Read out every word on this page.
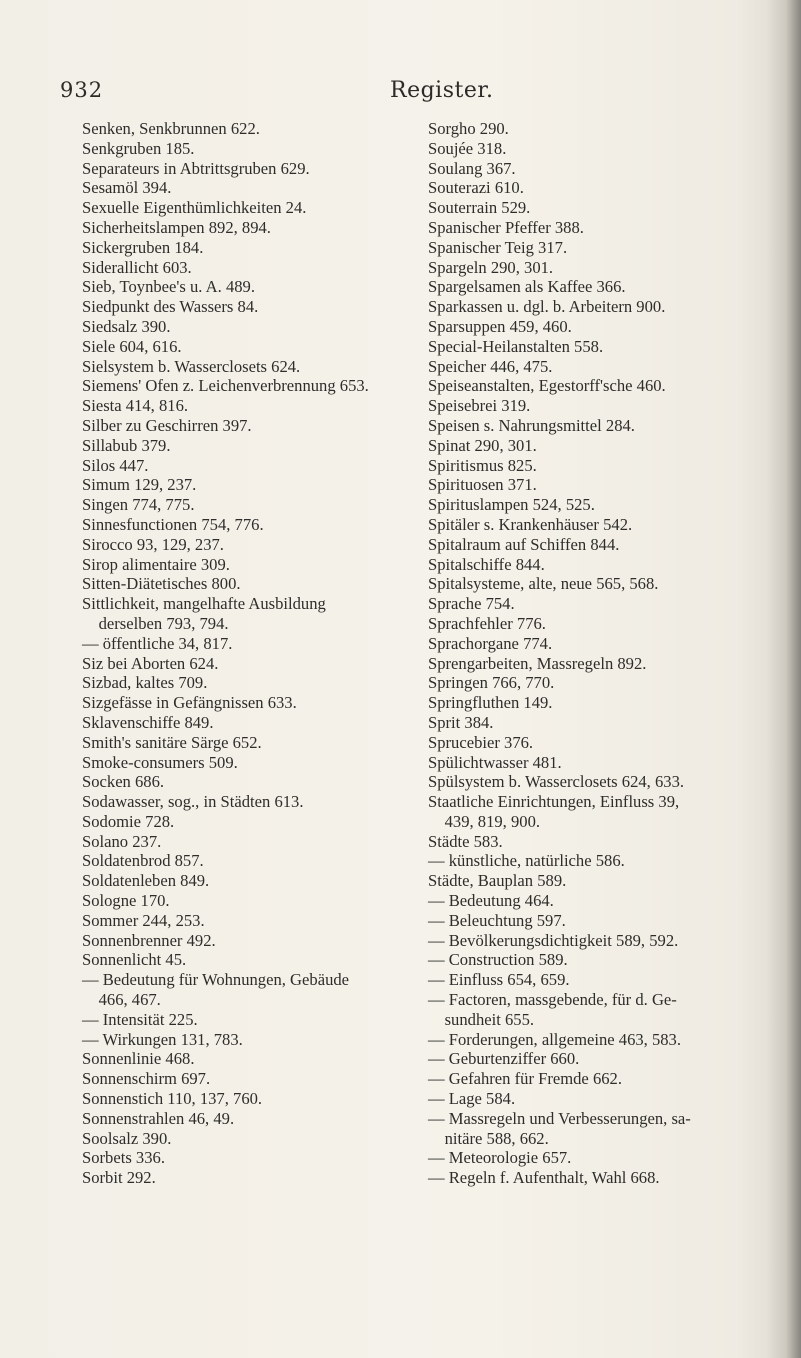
932	Register.
Senken, Senkbrunnen 622.
Senkgruben 185.
Separateurs in Abtrittsgruben 629.
Sesamöl 394.
Sexuelle Eigenthümlichkeiten 24.
Sicherheitslampen 892, 894.
Sickergruben 184.
Siderallicht 603.
Sieb, Toynbee's u. A. 489.
Siedpunkt des Wassers 84.
Siedsalz 390.
Siele 604, 616.
Sielsystem b. Wasserclosets 624.
Siemens' Ofen z. Leichenverbrennung 653.
Siesta 414, 816.
Silber zu Geschirren 397.
Sillabub 379.
Silos 447.
Simum 129, 237.
Singen 774, 775.
Sinnesfunctionen 754, 776.
Sirocco 93, 129, 237.
Sirop alimentaire 309.
Sitten-Diätetisches 800.
Sittlichkeit, mangelhafte Ausbildung
derselben 793, 794.
— öffentliche 34, 817.
Siz bei Aborten 624.
Sizbad, kaltes 709.
Sizgefässe in Gefängnissen 633.
Sklavenschiffe 849.
Smith's sanitäre Särge 652.
Smoke-consumers 509.
Socken 686.
Sodawasser, sog., in Städten 613.
Sodomie 728.
Solano 237.
Soldatenbrod 857.
Soldatenleben 849.
Sologne 170.
Sommer 244, 253.
Sonnenbrenner 492.
Sonnenlicht 45.
— Bedeutung für Wohnungen, Gebäude
466, 467.
— Intensität 225.
— Wirkungen 131, 783.
Sonnenlinie 468.
Sonnenschirm 697.
Sonnenstich 110, 137, 760.
Sonnenstrahlen 46, 49.
Soolsalz 390.
Sorbets 336.
Sorbit 292.
Sorgho 290.
Soujée 318.
Soulang 367.
Souterazi 610.
Souterrain 529.
Spanischer Pfeffer 388.
Spanischer Teig 317.
Spargeln 290, 301.
Spargelsamen als Kaffee 366.
Sparkassen u. dgl. b. Arbeitern 900.
Sparsuppen 459, 460.
Special-Heilanstalten 558.
Speicher 446, 475.
Speiseanstalten, Egestorff'sche 460.
Speisebrei 319.
Speisen s. Nahrungsmittel 284.
Spinat 290, 301.
Spiritismus 825.
Spirituosen 371.
Spirituslampen 524, 525.
Spitäler s. Krankenhäuser 542.
Spitalraum auf Schiffen 844.
Spitalschiffe 844.
Spitalsysteme, alte, neue 565, 568.
Sprache 754.
Sprachfehler 776.
Sprachorgane 774.
Sprengarbeiten, Massregeln 892.
Springen 766, 770.
Springfluthen 149.
Sprit 384.
Sprucebier 376.
Spülichtwasser 481.
Spülsystem b. Wasserclosets 624, 633.
Staatliche Einrichtungen, Einfluss 39,
439, 819, 900.
Städte 583.
— künstliche, natürliche 586.
Städte, Bauplan 589.
— Bedeutung 464.
— Beleuchtung 597.
— Bevölkerungsdichtigkeit 589, 592.
— Construction 589.
— Einfluss 654, 659.
— Factoren, massgebende, für d. Ge-
sundheit 655.
— Forderungen, allgemeine 463, 583.
— Geburtenziffer 660.
— Gefahren für Fremde 662.
— Lage 584.
— Massregeln und Verbesserungen, sa-
nitäre 588, 662.
— Meteorologie 657.
— Regeln f. Aufenthalt, Wahl 668.
